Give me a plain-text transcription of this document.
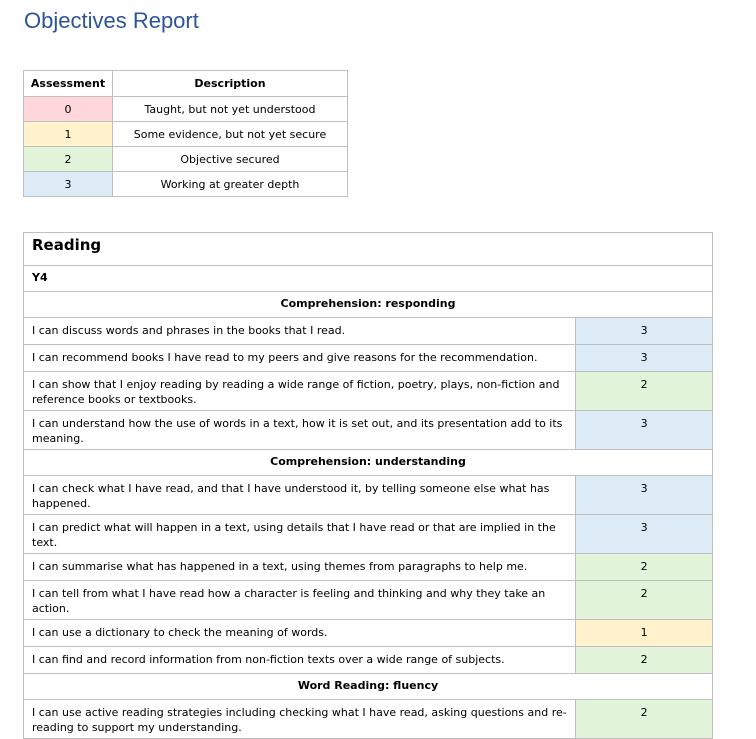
Objectives Report
Assessment	Description
0	Taught, but not yet understood
1	Some evidence, but not yet secure
2	Objective secured
3	Working at greater depth
Reading	
Y4	
Comprehension: responding	
I can discuss words and phrases in the books that I read.	3
I can recommend books I have read to my peers and give reasons for the recommendation.	3
I can show that I enjoy reading by reading a wide range of fiction, poetry, plays, non-fiction and reference books or textbooks.	2
I can understand how the use of words in a text, how it is set out, and its presentation add to its meaning.	3
Comprehension: understanding	
I can check what I have read, and that I have understood it, by telling someone else what has happened.	3
I can predict what will happen in a text, using details that I have read or that are implied in the text.	3
I can summarise what has happened in a text, using themes from paragraphs to help me.	2
I can tell from what I have read how a character is feeling and thinking and why they take an action.	2
I can use a dictionary to check the meaning of words.	1
I can find and record information from non-fiction texts over a wide range of subjects.	2
Word Reading: fluency	
I can use active reading strategies including checking what I have read, asking questions and re-reading to support my understanding.	2
